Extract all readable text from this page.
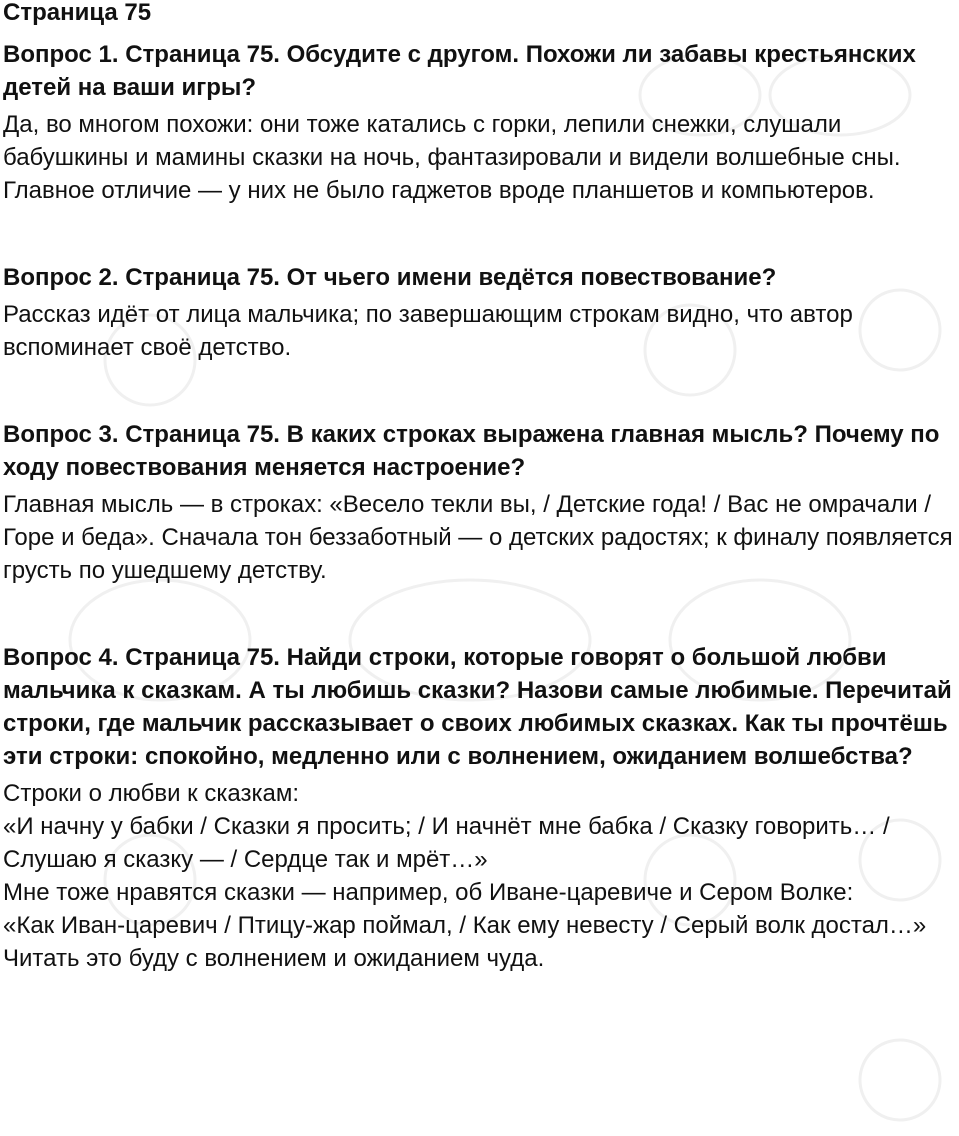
Страница 75
Вопрос 1. Страница 75. Обсудите с другом. Похожи ли забавы крестьянских детей на ваши игры?
Да, во многом похожи: они тоже катались с горки, лепили снежки, слушали бабушкины и мамины сказки на ночь, фантазировали и видели волшебные сны. Главное отличие — у них не было гаджетов вроде планшетов и компьютеров.
Вопрос 2. Страница 75. От чьего имени ведётся повествование?
Рассказ идёт от лица мальчика; по завершающим строкам видно, что автор вспоминает своё детство.
Вопрос 3. Страница 75. В каких строках выражена главная мысль? Почему по ходу повествования меняется настроение?
Главная мысль — в строках: «Весело текли вы, / Детские года! / Вас не омрачали / Горе и беда». Сначала тон беззаботный — о детских радостях; к финалу появляется грусть по ушедшему детству.
Вопрос 4. Страница 75. Найди строки, которые говорят о большой любви мальчика к сказкам. А ты любишь сказки? Назови самые любимые. Перечитай строки, где мальчик рассказывает о своих любимых сказках. Как ты прочтёшь эти строки: спокойно, медленно или с волнением, ожиданием волшебства?
Строки о любви к сказкам:
«И начну у бабки / Сказки я просить; / И начнёт мне бабка / Сказку говорить… / Слушаю я сказку — / Сердце так и мрёт…»
Мне тоже нравятся сказки — например, об Иване-царевиче и Сером Волке:
«Как Иван-царевич / Птицу-жар поймал, / Как ему невесту / Серый волк достал…»
Читать это буду с волнением и ожиданием чуда.
